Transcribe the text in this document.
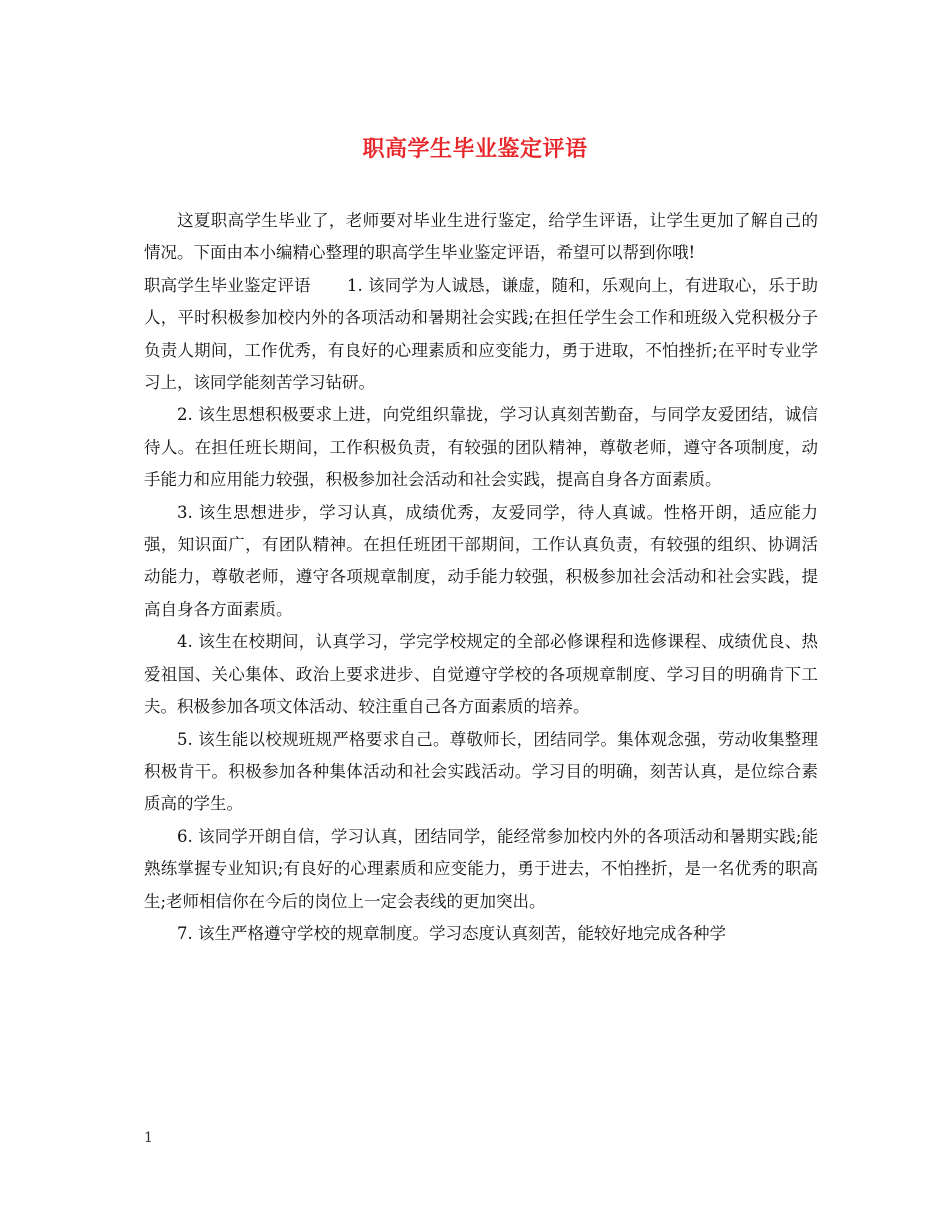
职高学生毕业鉴定评语

这夏职高学生毕业了，老师要对毕业生进行鉴定，给学生评语，让学生更加了解自己的情况。下面由本小编精心整理的职高学生毕业鉴定评语，希望可以帮到你哦!

职高学生毕业鉴定评语 1. 该同学为人诚恳，谦虚，随和，乐观向上，有进取心，乐于助人，平时积极参加校内外的各项活动和暑期社会实践;在担任学生会工作和班级入党积极分子负责人期间，工作优秀，有良好的心理素质和应变能力，勇于进取，不怕挫折;在平时专业学习上，该同学能刻苦学习钻研。

2. 该生思想积极要求上进，向党组织靠拢，学习认真刻苦勤奋，与同学友爱团结，诚信待人。在担任班长期间，工作积极负责，有较强的团队精神，尊敬老师，遵守各项制度，动手能力和应用能力较强，积极参加社会活动和社会实践，提高自身各方面素质。

3. 该生思想进步，学习认真，成绩优秀，友爱同学，待人真诚。性格开朗，适应能力强，知识面广，有团队精神。在担任班团干部期间，工作认真负责，有较强的组织、协调活动能力，尊敬老师，遵守各项规章制度，动手能力较强，积极参加社会活动和社会实践，提高自身各方面素质。

4. 该生在校期间，认真学习，学完学校规定的全部必修课程和选修课程、成绩优良、热爱祖国、关心集体、政治上要求进步、自觉遵守学校的各项规章制度、学习目的明确肯下工夫。积极参加各项文体活动、较注重自己各方面素质的培养。

5. 该生能以校规班规严格要求自己。尊敬师长，团结同学。集体观念强，劳动收集整理积极肯干。积极参加各种集体活动和社会实践活动。学习目的明确，刻苦认真，是位综合素质高的学生。

6. 该同学开朗自信，学习认真，团结同学，能经常参加校内外的各项活动和暑期实践;能熟练掌握专业知识;有良好的心理素质和应变能力，勇于进去，不怕挫折，是一名优秀的职高生;老师相信你在今后的岗位上一定会表线的更加突出。

7. 该生严格遵守学校的规章制度。学习态度认真刻苦，能较好地完成各种学

1
